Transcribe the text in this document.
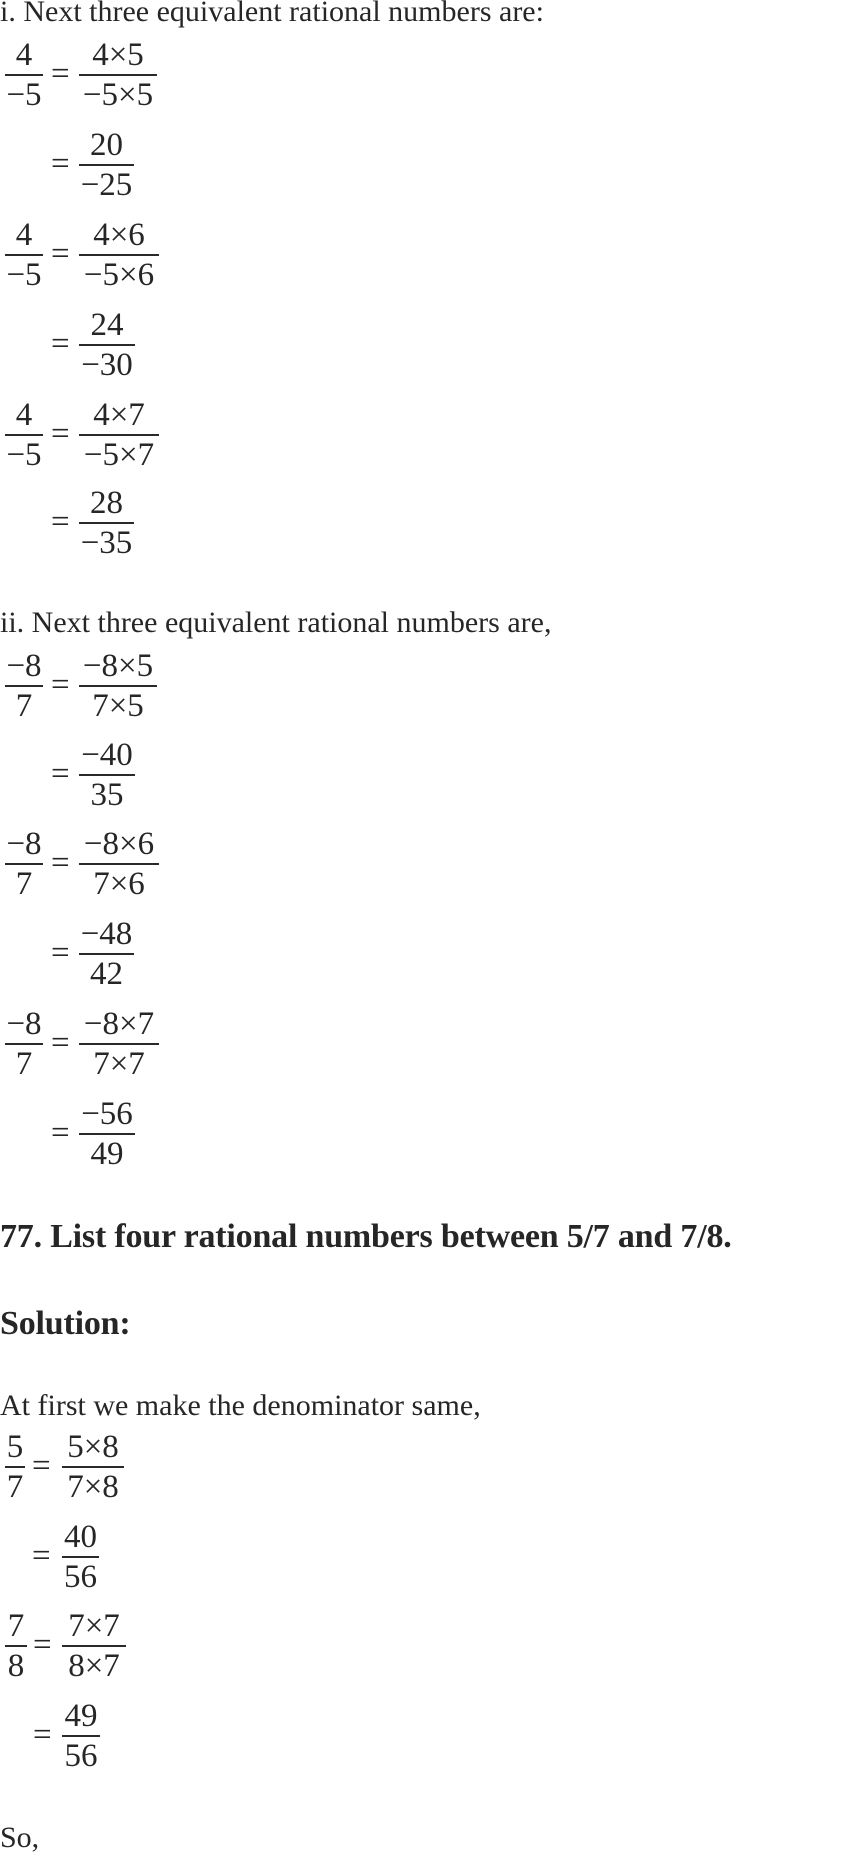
i. Next three equivalent rational numbers are:
4
−5
=
4×5
−5×5
=
20
−25
4
−5
=
4×6
−5×6
=
24
−30
4
−5
=
4×7
−5×7
=
28
−35
ii. Next three equivalent rational numbers are,
−8
7
=
−8×5
7×5
=
−40
35
−8
7
=
−8×6
7×6
=
−48
42
−8
7
=
−8×7
7×7
=
−56
49
77. List four rational numbers between 5/7 and 7/8.
Solution:
At first we make the denominator same,
5
7
=
5×8
7×8
=
40
56
7
8
=
7×7
8×7
=
49
56
So,
